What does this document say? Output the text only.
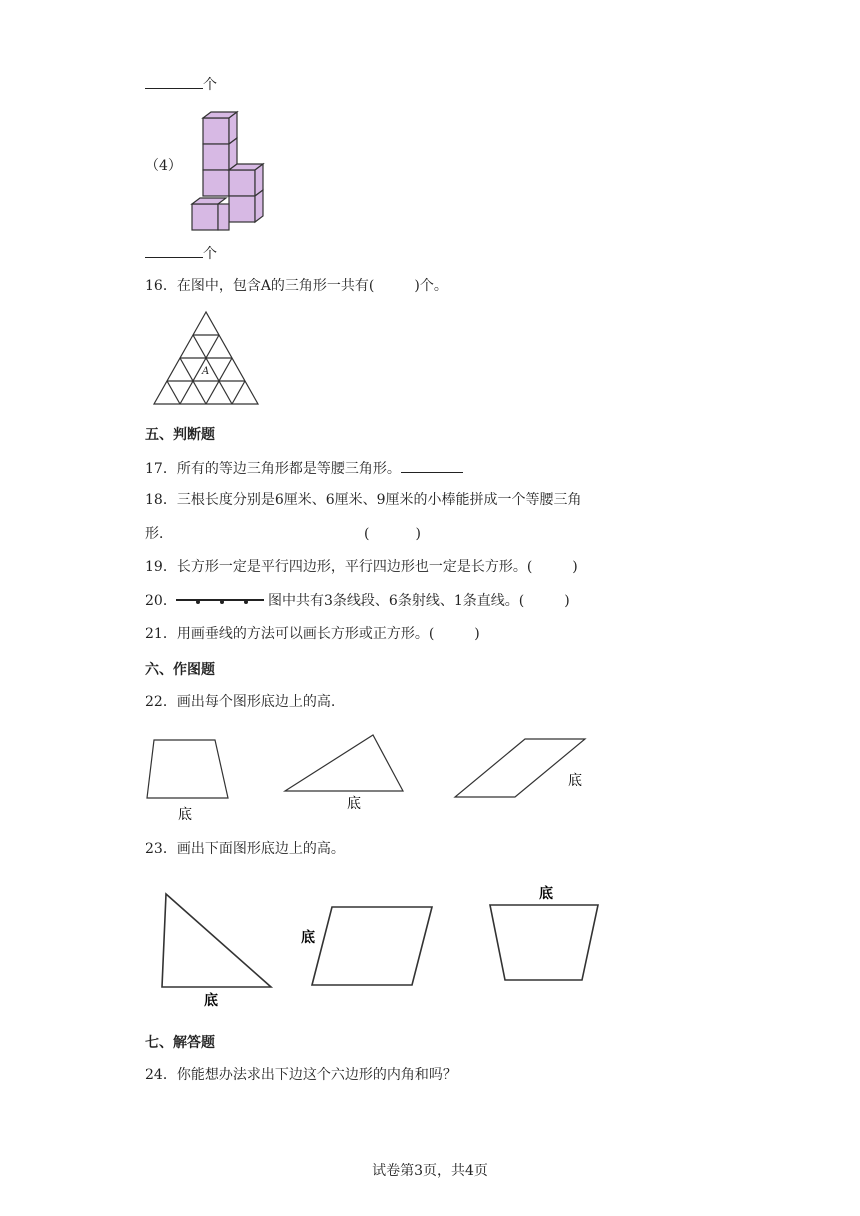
个
（4）
个
16．在图中，包含A的三角形一共有(	)个。
A
五、判断题
17．所有的等边三角形都是等腰三角形。
18．三根长度分别是6厘米、6厘米、9厘米的小棒能拼成一个等腰三角
形．	(	)
19．长方形一定是平行四边形，平行四边形也一定是长方形。(	)
20．	图中共有3条线段、6条射线、1条直线。(	)
21．用画垂线的方法可以画长方形或正方形。(	)
六、作图题
22．画出每个图形底边上的高.
底
底
底
23．画出下面图形底边上的高。
底
底
底
七、解答题
24．你能想办法求出下边这个六边形的内角和吗？
试卷第3页，共4页
